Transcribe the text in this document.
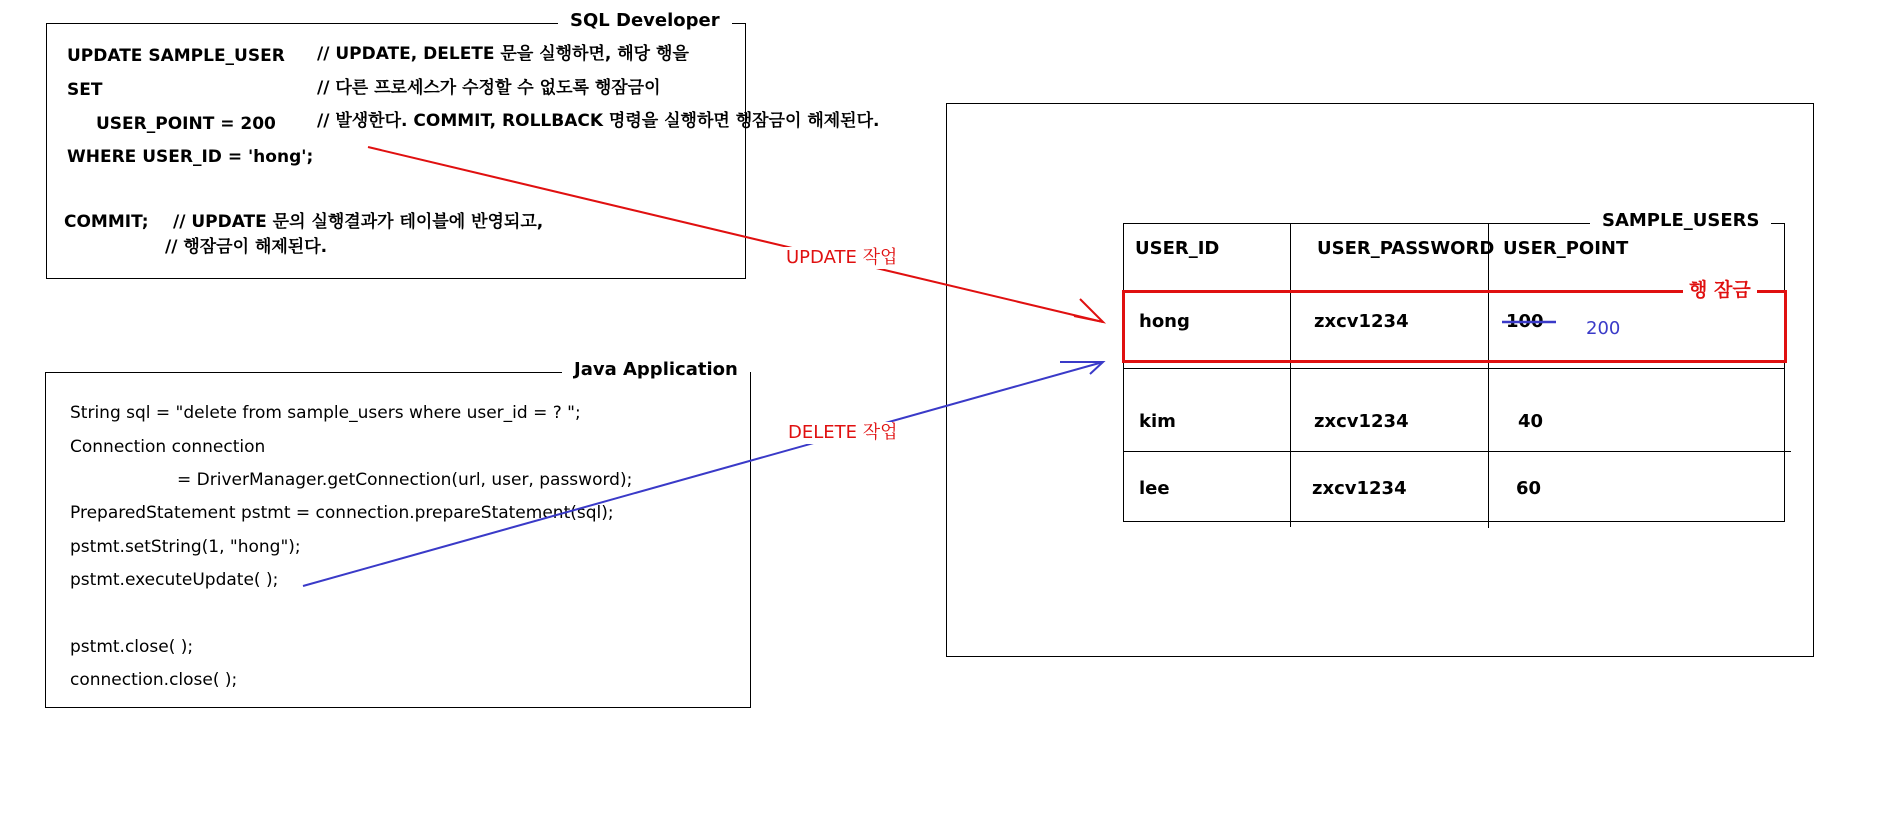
SQL Developer
UPDATE SAMPLE_USER
SET
USER_POINT = 200
WHERE USER_ID = 'hong';
// UPDATE, DELETE 문을 실행하면, 해당 행을
// 다른 프로세스가 수정할 수 없도록 행잠금이
// 발생한다. COMMIT, ROLLBACK 명령을 실행하면 행잠금이 해제된다.
COMMIT; // UPDATE 문의 실행결과가 테이블에 반영되고,
// 행잠금이 해제된다.
Java Application
String sql = "delete from sample_users where user_id = ? ";
Connection connection
= DriverManager.getConnection(url, user, password);
PreparedStatement pstmt = connection.prepareStatement(sql);
pstmt.setString(1, "hong");
pstmt.executeUpdate( );
pstmt.close( );
connection.close( );
SAMPLE_USERS
USER_ID	USER_PASSWORD USER_POINT
행 잠금
hong	zxcv1234	100 200
kim	zxcv1234	40
lee	zxcv1234	60
UPDATE 작업
DELETE 작업
